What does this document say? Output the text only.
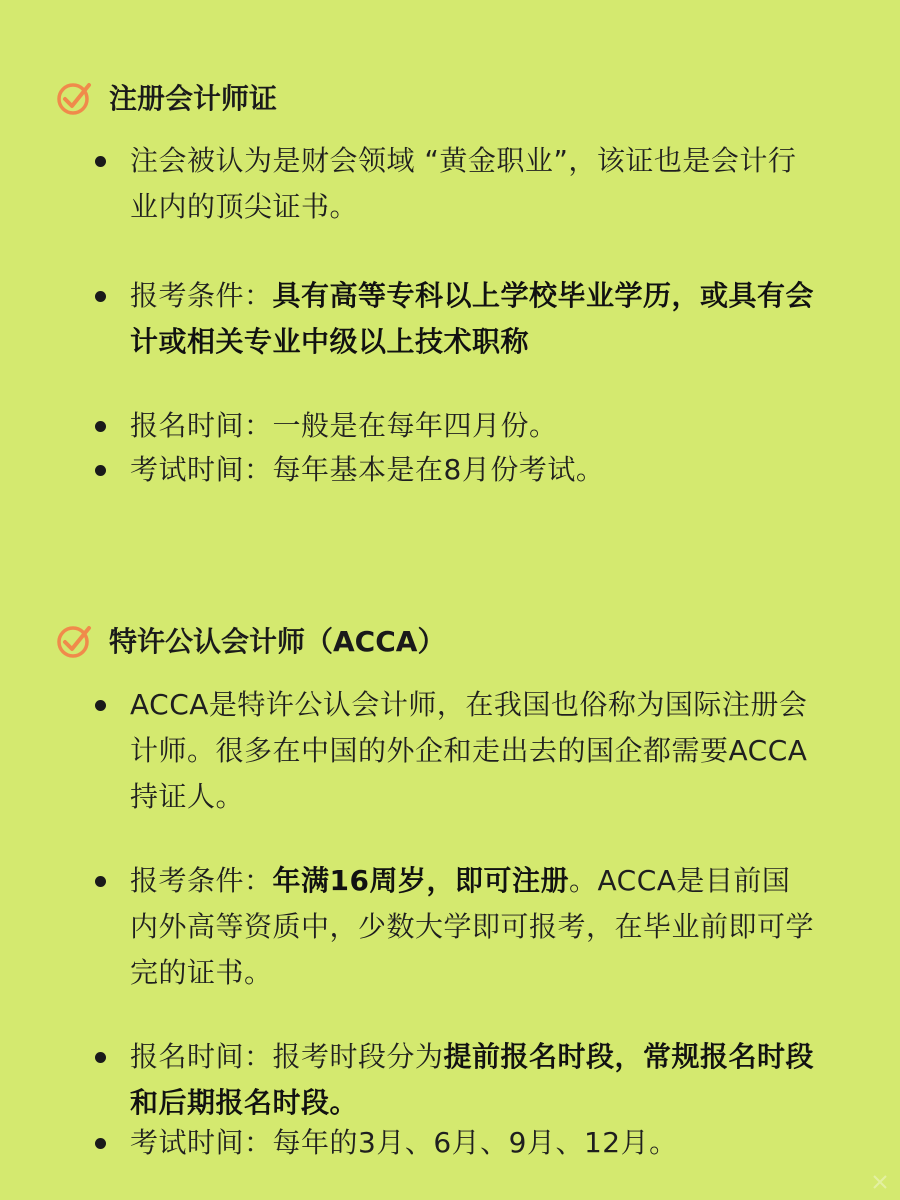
注册会计师证
注会被认为是财会领域 “黄金职业”，该证也是会计行业内的顶尖证书。
报考条件：具有高等专科以上学校毕业学历，或具有会计或相关专业中级以上技术职称
报名时间：一般是在每年四月份。
考试时间：每年基本是在8月份考试。
特许公认会计师（ACCA）
ACCA是特许公认会计师，在我国也俗称为国际注册会计师。很多在中国的外企和走出去的国企都需要ACCA持证人。
报考条件：年满16周岁，即可注册。ACCA是目前国内外高等资质中，少数大学即可报考，在毕业前即可学完的证书。
报名时间：报考时段分为提前报名时段，常规报名时段和后期报名时段。
考试时间：每年的3月、6月、9月、12月。
